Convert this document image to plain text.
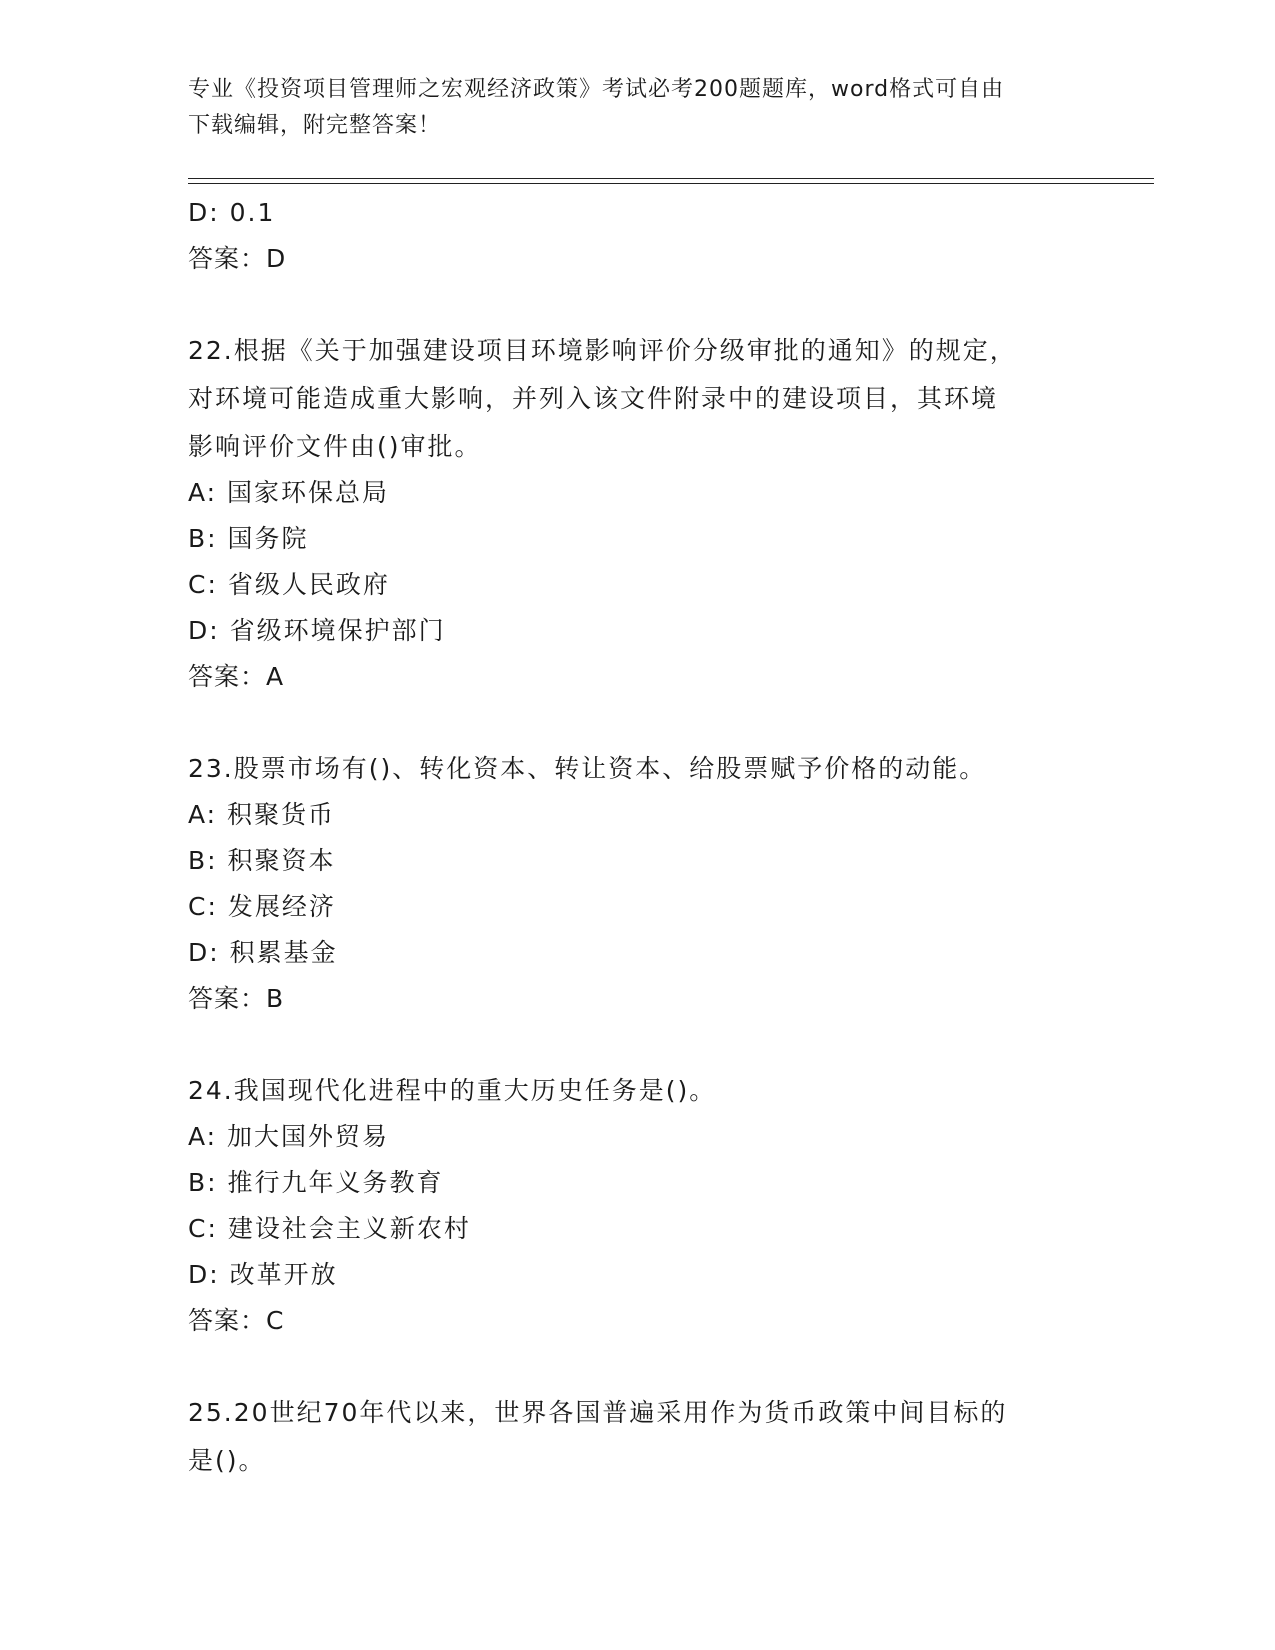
专业《投资项目管理师之宏观经济政策》考试必考200题题库，word格式可自由
下载编辑，附完整答案！
D: 0.1
答案：D
22.根据《关于加强建设项目环境影响评价分级审批的通知》的规定，
对环境可能造成重大影响，并列入该文件附录中的建设项目，其环境
影响评价文件由()审批。
A: 国家环保总局
B: 国务院
C: 省级人民政府
D: 省级环境保护部门
答案：A
23.股票市场有()、转化资本、转让资本、给股票赋予价格的动能。
A: 积聚货币
B: 积聚资本
C: 发展经济
D: 积累基金
答案：B
24.我国现代化进程中的重大历史任务是()。
A: 加大国外贸易
B: 推行九年义务教育
C: 建设社会主义新农村
D: 改革开放
答案：C
25.20世纪70年代以来，世界各国普遍采用作为货币政策中间目标的
是()。
